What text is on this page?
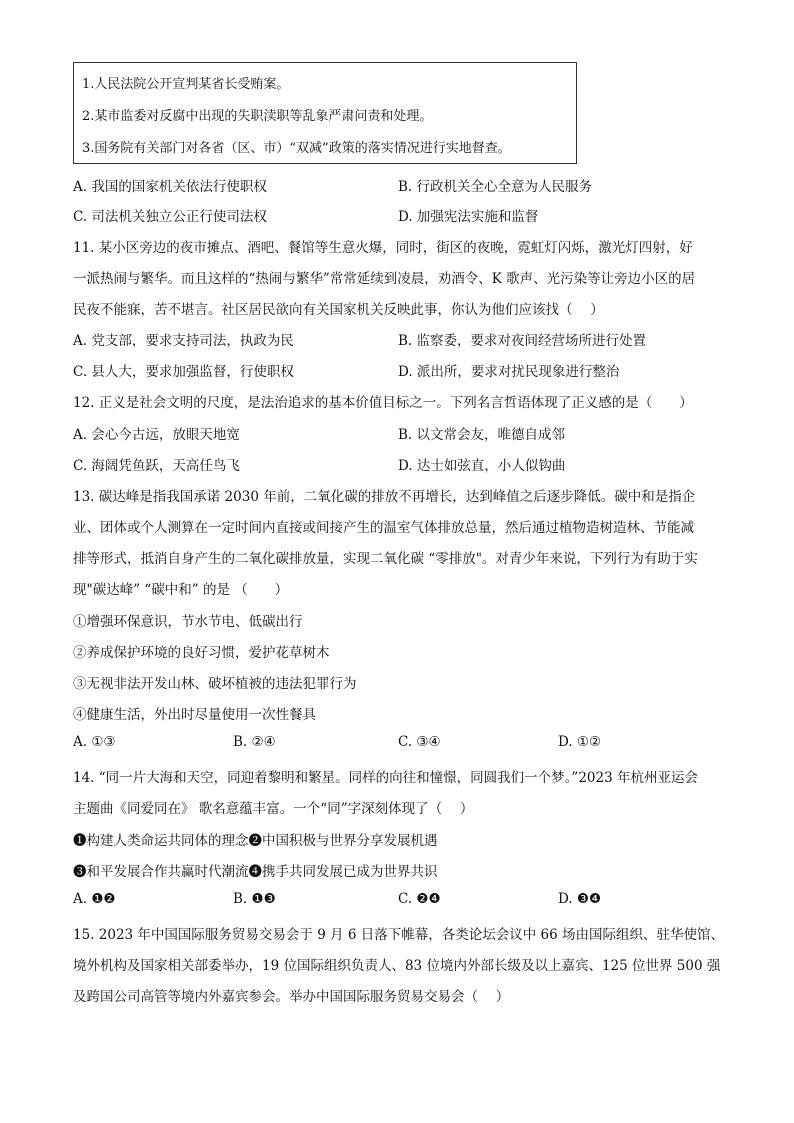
1.人民法院公开宣判某省长受贿案。
2.某市监委对反腐中出现的失职渎职等乱象严肃问责和处理。
3.国务院有关部门对各省（区、市）“双减”政策的落实情况进行实地督查。
A. 我国的国家机关依法行使职权	B. 行政机关全心全意为人民服务
C. 司法机关独立公正行使司法权	D. 加强宪法实施和监督
11. 某小区旁边的夜市摊点、酒吧、餐馆等生意火爆，同时，街区的夜晚，霓虹灯闪烁，激光灯四射，好
一派热闹与繁华。而且这样的“热闹与繁华”常常延续到凌晨，劝酒令、K 歌声、光污染等让旁边小区的居
民夜不能寐，苦不堪言。社区居民欲向有关国家机关反映此事，你认为他们应该找（　 ）
A. 党支部，要求支持司法，执政为民	B. 监察委，要求对夜间经营场所进行处置
C. 县人大，要求加强监督，行使职权	D. 派出所，要求对扰民现象进行整治
12. 正义是社会文明的尺度，是法治追求的基本价值目标之一。下列名言哲语体现了正义感的是（　　）
A. 会心今古远，放眼天地宽	B. 以文常会友，唯德自成邻
C. 海阔凭鱼跃，天高任鸟飞	D. 达士如弦直，小人似钩曲
13. 碳达峰是指我国承诺 2030 年前，二氧化碳的排放不再增长，达到峰值之后逐步降低。碳中和是指企
业、团体或个人测算在一定时间内直接或间接产生的温室气体排放总量，然后通过植物造树造林、节能减
排等形式，抵消自身产生的二氧化碳排放量，实现二氧化碳 “零排放"。对青少年来说，下列行为有助于实
现"碳达峰” “碳中和” 的是 （　　）
①增强环保意识，节水节电、低碳出行
②养成保护环境的良好习惯，爱护花草树木
③无视非法开发山林、破坏植被的违法犯罪行为
④健康生活，外出时尽量使用一次性餐具
A. ①③	B. ②④	C. ③④	D. ①②
14. “同一片大海和天空，同迎着黎明和繁星。同样的向往和憧憬，同圆我们一个梦。”2023 年杭州亚运会
主题曲《同爱同在》 歌名意蕴丰富。一个“同”字深刻体现了（　 ）
❶构建人类命运共同体的理念❷中国积极与世界分享发展机遇
❸和平发展合作共赢时代潮流❹携手共同发展已成为世界共识
A. ❶❷	B. ❶❸	C. ❷❹	D. ❸❹
15. 2023 年中国国际服务贸易交易会于 9 月 6 日落下帷幕，各类论坛会议中 66 场由国际组织、驻华使馆、
境外机构及国家相关部委举办，19 位国际组织负责人、83 位境内外部长级及以上嘉宾、125 位世界 500 强
及跨国公司高管等境内外嘉宾参会。举办中国国际服务贸易交易会（　 ）
